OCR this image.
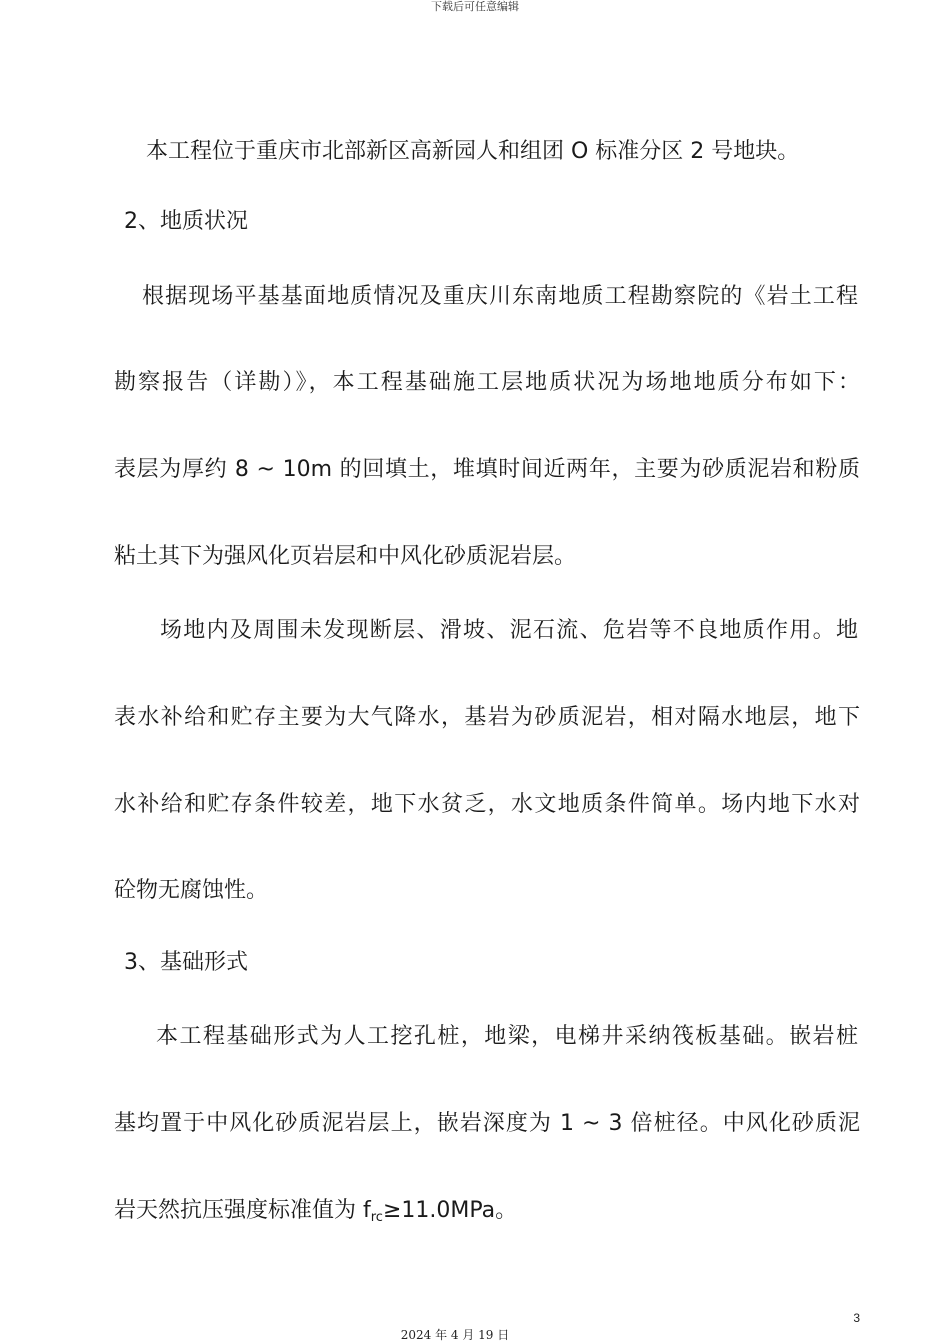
下载后可任意编辑
本工程位于重庆市北部新区高新园人和组团 O 标准分区 2 号地块。
2、地质状况
根据现场平基基面地质情况及重庆川东南地质工程勘察院的《岩土工程
勘察报告（详勘）》，本工程基础施工层地质状况为场地地质分布如下：
表层为厚约 8 ~ 10m 的回填土，堆填时间近两年，主要为砂质泥岩和粉质
粘土其下为强风化页岩层和中风化砂质泥岩层。
场地内及周围未发现断层、滑坡、泥石流、危岩等不良地质作用。地
表水补给和贮存主要为大气降水，基岩为砂质泥岩，相对隔水地层，地下
水补给和贮存条件较差，地下水贫乏，水文地质条件简单。场内地下水对
砼物无腐蚀性。
3、基础形式
本工程基础形式为人工挖孔桩，地梁，电梯井采纳筏板基础。嵌岩桩
基均置于中风化砂质泥岩层上，嵌岩深度为 1 ~ 3 倍桩径。中风化砂质泥
岩天然抗压强度标准值为 $f_{rc}\ge 11.0MPa$。
3
2024 年 4 月 19 日
